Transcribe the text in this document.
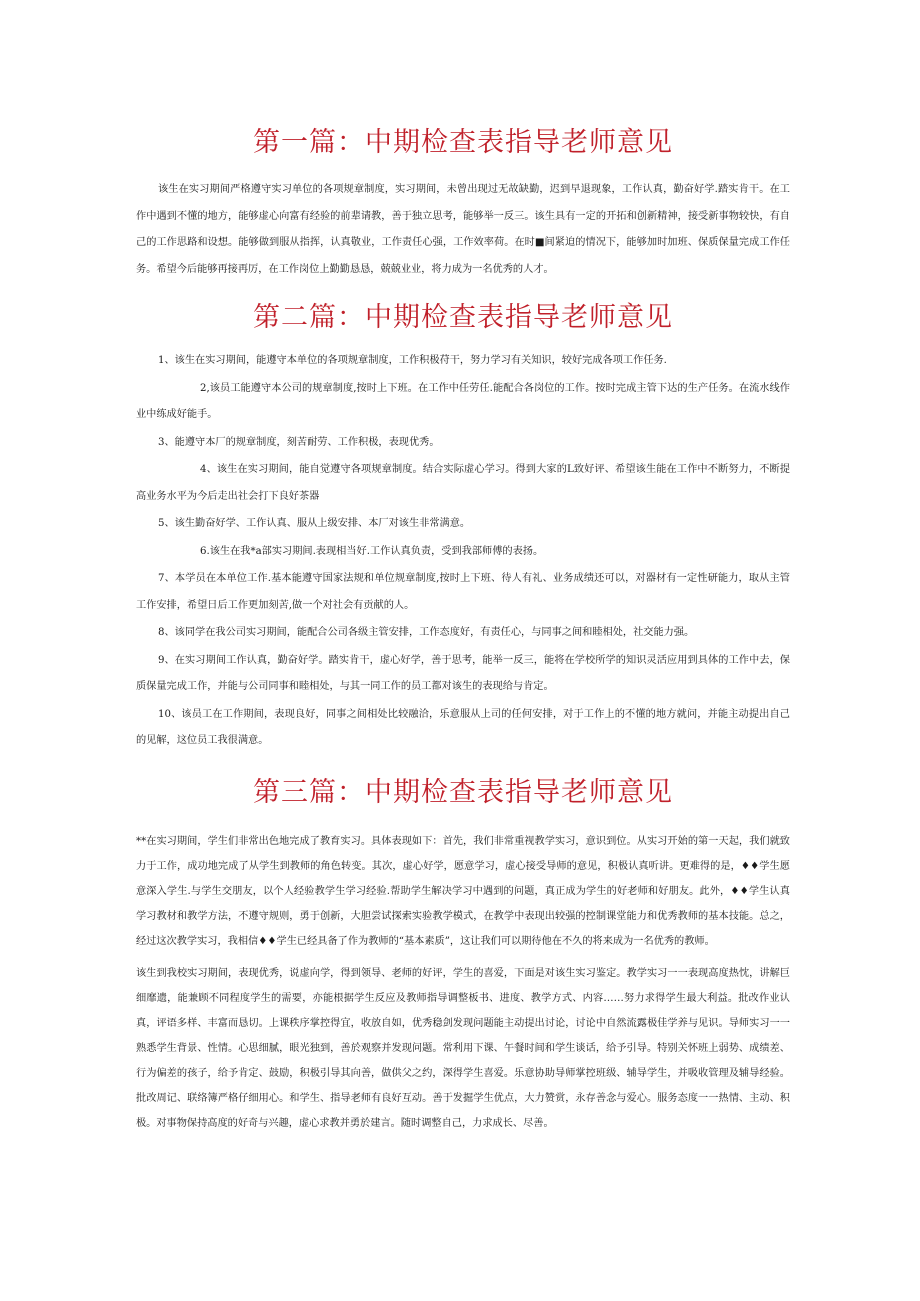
第一篇：中期检查表指导老师意见

该生在实习期间严格遵守实习单位的各项规章制度，实习期间，未曾出现过无故缺勤，迟到早退现象，工作认真，勤奋好学.踏实肯干。在工作中遇到不懂的地方，能够虚心向富有经验的前辈请教，善于独立思考，能够举一反三。该生具有一定的开拓和创新精神，接受新事物较快，有自己的工作思路和设想。能够做到服从指挥，认真敬业，工作责任心强，工作效率荷。在时■间紧迫的情况下，能够加时加班、保质保量完成工作任务。希望今后能够再接再厉，在工作岗位上勤勤恳恳，兢兢业业，将力成为一名优秀的人才。

第二篇：中期检查表指导老师意见

1、该生在实习期间，能遵守本单位的各项规章制度，工作积极苻干，努力学习有关知识，较好完成各项工作任务.

2,该员工能遵守本公司的规章制度,按时上下班。在工作中任劳任.能配合各岗位的工作。按时完成主管下达的生产任务。在流水线作业中练成好能手。

3、能遵守本厂的规章制度，刻苦耐劳、工作积极，表现优秀。

4、该生在实习期间，能自觉遵守各项规章制度。结合实际虚心学习。得到大家的L致好评、希望该生能在工作中不断努力，不断提高业务水平为今后走出社会打下良好茶器

5、该生勤奋好学、工作认真、服从上级安排、本厂对该生非常满意。

6.该生在我*a部实习期间.表现相当好.工作认真负责，受到我部师傅的表扬。

7、本学员在本单位工作.基本能遵守国家法规和单位规章制度,按时上下班、待人有礼、业务成绩还可以，对器材有一定性研能力，取从主管工作安排，希望日后工作更加刻苦,做一个对社会有贡献的人。

8、该同学在我公司实习期间，能配合公司各级主管安排，工作态度好，有责任心，与同事之间和睦相处，社交能力强。

9、在实习期间工作认真，勤奋好学。踏实肯干，虚心好学，善于思考，能举一反三，能将在学校所学的知识灵活应用到具体的工作中去，保质保量完成工作，并能与公司同事和睦相处，与其一同工作的员工都对该生的表现给与肯定。

10、该员工在工作期间，表现良好，同事之间相处比较融洽，乐意服从上司的任何安排，对于工作上的不懂的地方就问，并能主动提出自己的见解，这位员工我很满意。

第三篇：中期检查表指导老师意见

**在实习期间，学生们非常出色地完成了教育实习。具体表现如下：首先，我们非常重视教学实习，意识到位。从实习开始的第一天起，我们就致力于工作，成功地完成了从学生到教师的角色转变。其次，虚心好学，愿意学习，虚心接受导师的意见，积极认真听讲。更难得的是，♦♦学生愿意深入学生.与学生交朋友，以个人经验教学生学习经验.帮助学生解决学习中遇到的问题，真正成为学生的好老师和好朋友。此外，♦♦学生认真学习教材和教学方法，不遵守规则，勇于创新，大胆尝试探索实验教学模式，在教学中表现出较强的控制课堂能力和优秀教师的基本技能。总之，经过这次教学实习，我相信♦♦学生已经具备了作为教师的“基本素质”，这让我们可以期待他在不久的将来成为一名优秀的教师。

该生到我校实习期间，表现优秀，说虚向学，得到领导、老师的好评，学生的喜爱，下面是对该生实习鉴定。教学实习一一表现高度热忱，讲解巨细靡遗，能兼顾不同程度学生的需要，亦能根据学生反应及教师指导调整板书、进度、教学方式、内容……努力求得学生最大利益。批改作业认真，评语多样、丰富而恳切。上课秩序掌控得宜，收放自如，优秀稳剑发现问题能主动提出讨论，讨论中自然流露极佳学养与见识。导师实习一一熟悉学生背景、性情。心思细腻，眼光独到，善於观察并发现问题。常利用下课、午餐时间和学生谈话，给予引导。特别关怀班上弱势、成绩差、行为偏差的孩子，给予肯定、鼓励，积极引导其向善，做供父之约，深得学生喜爱。乐意协助导师掌控班级、辅导学生，并吸收管理及辅导经验。批改周记、联络簿严格仔细用心。和学生、指导老师有良好互动。善于发掘学生优点，大力赞赏，永存善念与爱心。服务态度一一热情、主动、积极。对事物保持高度的好奇与兴趣，虚心求教并勇於建言。随时调整自己，力求成长、尽善。
